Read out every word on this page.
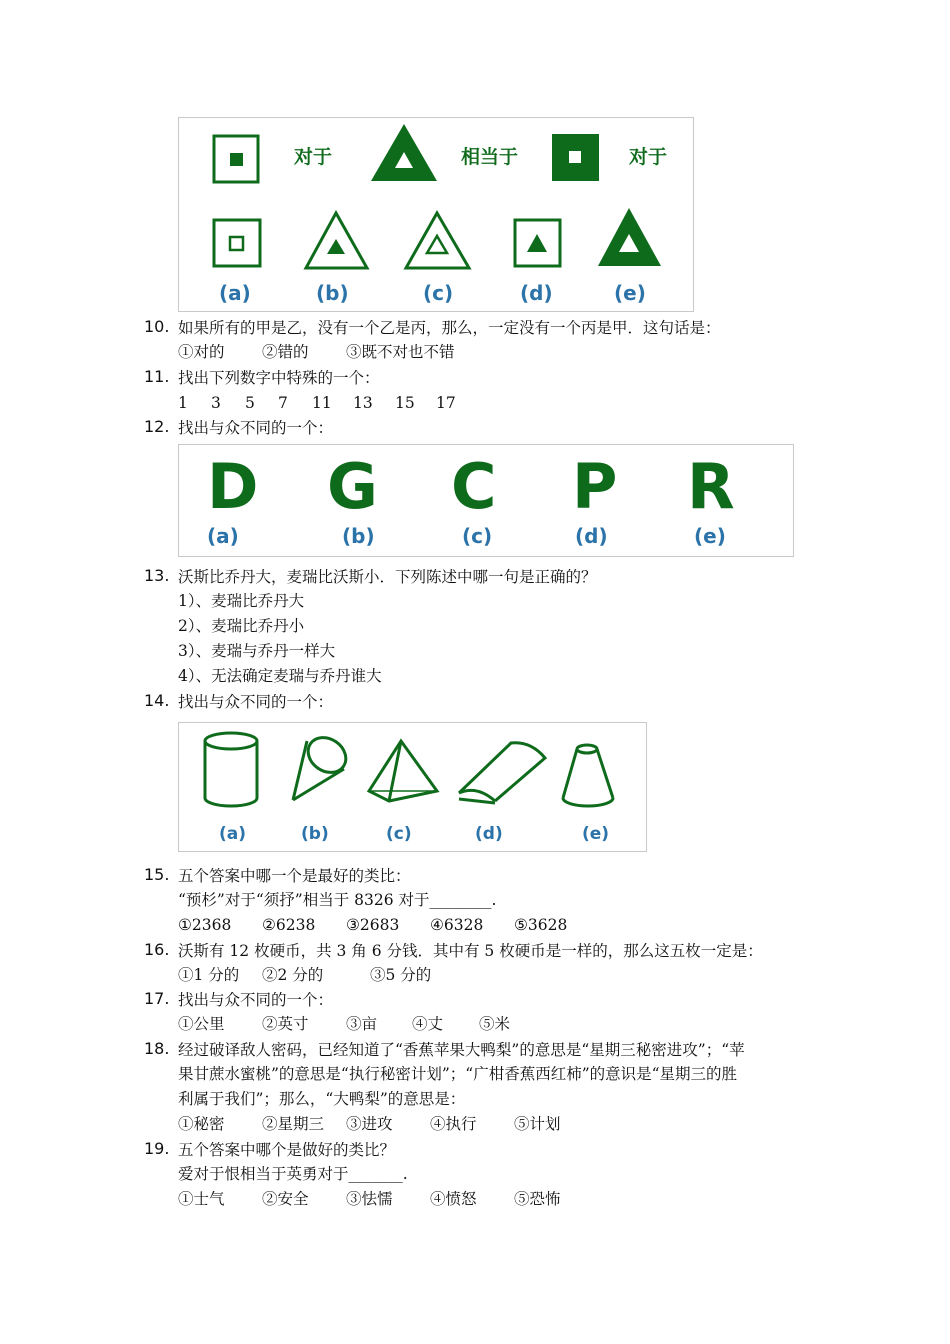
对于	相当于	对于
(a)	(b)	(c)	(d)	(e)
10. 如果所有的甲是乙，没有一个乙是丙，那么，一定没有一个丙是甲．这句话是：
①对的 ②错的 ③既不对也不错
11. 找出下列数字中特殊的一个：
1 3 5 7 11 13 15 17
12. 找出与众不同的一个：
D G C P R
(a)	(b)	(c)	(d)	(e)
13. 沃斯比乔丹大，麦瑞比沃斯小．下列陈述中哪一句是正确的？
1）、麦瑞比乔丹大
2）、麦瑞比乔丹小
3）、麦瑞与乔丹一样大
4）、无法确定麦瑞与乔丹谁大
14. 找出与众不同的一个：
(a)	(b)	(c)	(d)	(e)
15. 五个答案中哪一个是最好的类比：
“预杉”对于“须抒”相当于 8326 对于________.
①2368 ②6238 ③2683 ④6328 ⑤3628
16. 沃斯有 12 枚硬币，共 3 角 6 分钱．其中有 5 枚硬币是一样的，那么这五枚一定是：
①1 分的 ②2 分的	③5 分的
17. 找出与众不同的一个：
①公里 ②英寸 ③亩 ④丈 ⑤米
18. 经过破译敌人密码，已经知道了“香蕉苹果大鸭梨”的意思是“星期三秘密进攻”；“苹
果甘蔗水蜜桃”的意思是“执行秘密计划”；“广柑香蕉西红柿”的意识是“星期三的胜
利属于我们”；那么，“大鸭梨”的意思是：
①秘密 ②星期三 ③进攻 ④执行 ⑤计划
19. 五个答案中哪个是做好的类比？
爱对于恨相当于英勇对于_______.
①士气 ②安全 ③怯懦 ④愤怒 ⑤恐怖
